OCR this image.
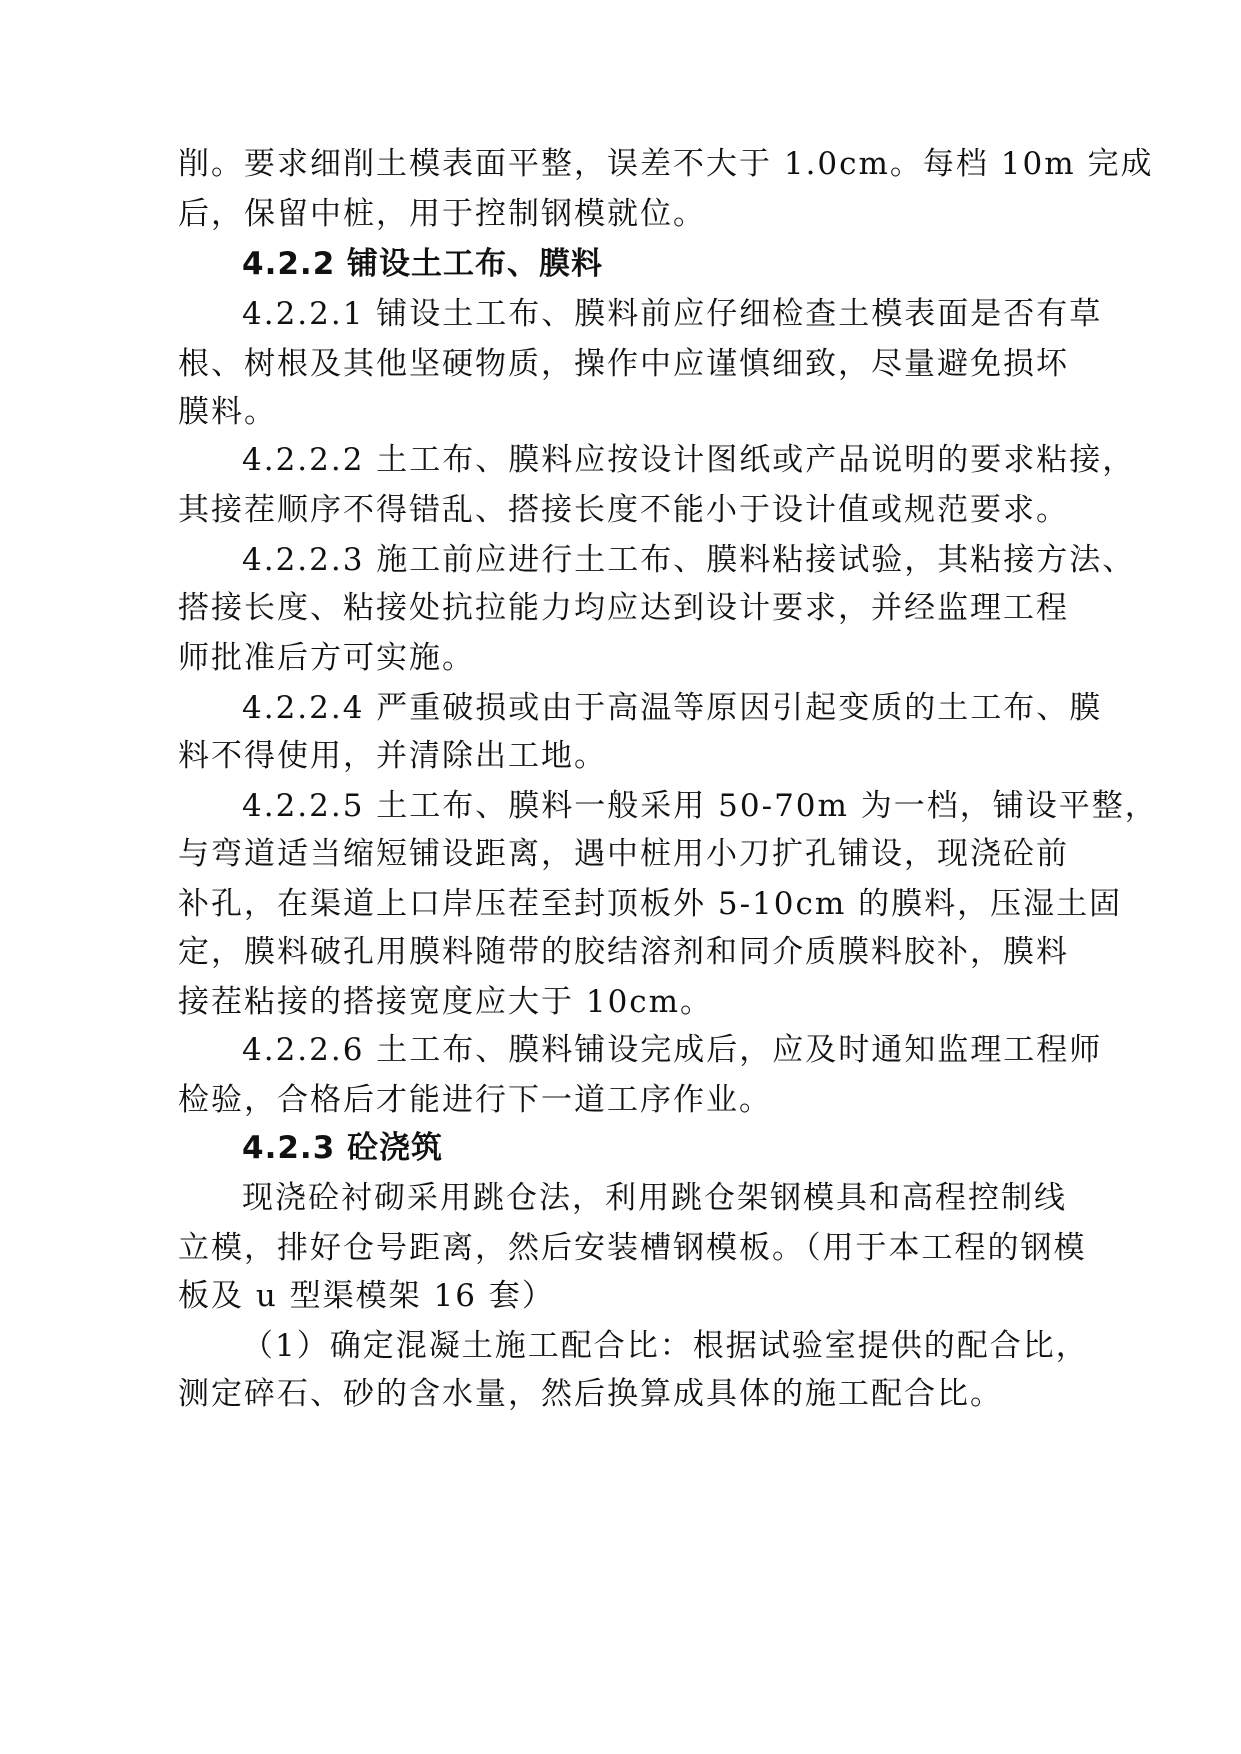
削。要求细削土模表面平整，误差不大于 1.0cm。每档 10m 完成
后，保留中桩，用于控制钢模就位。
4.2.2 铺设土工布、膜料
4.2.2.1 铺设土工布、膜料前应仔细检查土模表面是否有草
根、树根及其他坚硬物质，操作中应谨慎细致，尽量避免损坏
膜料。
4.2.2.2 土工布、膜料应按设计图纸或产品说明的要求粘接，
其接茬顺序不得错乱、搭接长度不能小于设计值或规范要求。
4.2.2.3 施工前应进行土工布、膜料粘接试验，其粘接方法、
搭接长度、粘接处抗拉能力均应达到设计要求，并经监理工程
师批准后方可实施。
4.2.2.4 严重破损或由于高温等原因引起变质的土工布、膜
料不得使用，并清除出工地。
4.2.2.5 土工布、膜料一般采用 50-70m 为一档，铺设平整，
与弯道适当缩短铺设距离，遇中桩用小刀扩孔铺设，现浇砼前
补孔，在渠道上口岸压茬至封顶板外 5-10cm 的膜料，压湿土固
定，膜料破孔用膜料随带的胶结溶剂和同介质膜料胶补，膜料
接茬粘接的搭接宽度应大于 10cm。
4.2.2.6 土工布、膜料铺设完成后，应及时通知监理工程师
检验，合格后才能进行下一道工序作业。
4.2.3 砼浇筑
现浇砼衬砌采用跳仓法，利用跳仓架钢模具和高程控制线
立模，排好仓号距离，然后安装槽钢模板。（用于本工程的钢模
板及 u 型渠模架 16 套）
（1）确定混凝土施工配合比：根据试验室提供的配合比，
测定碎石、砂的含水量，然后换算成具体的施工配合比。
